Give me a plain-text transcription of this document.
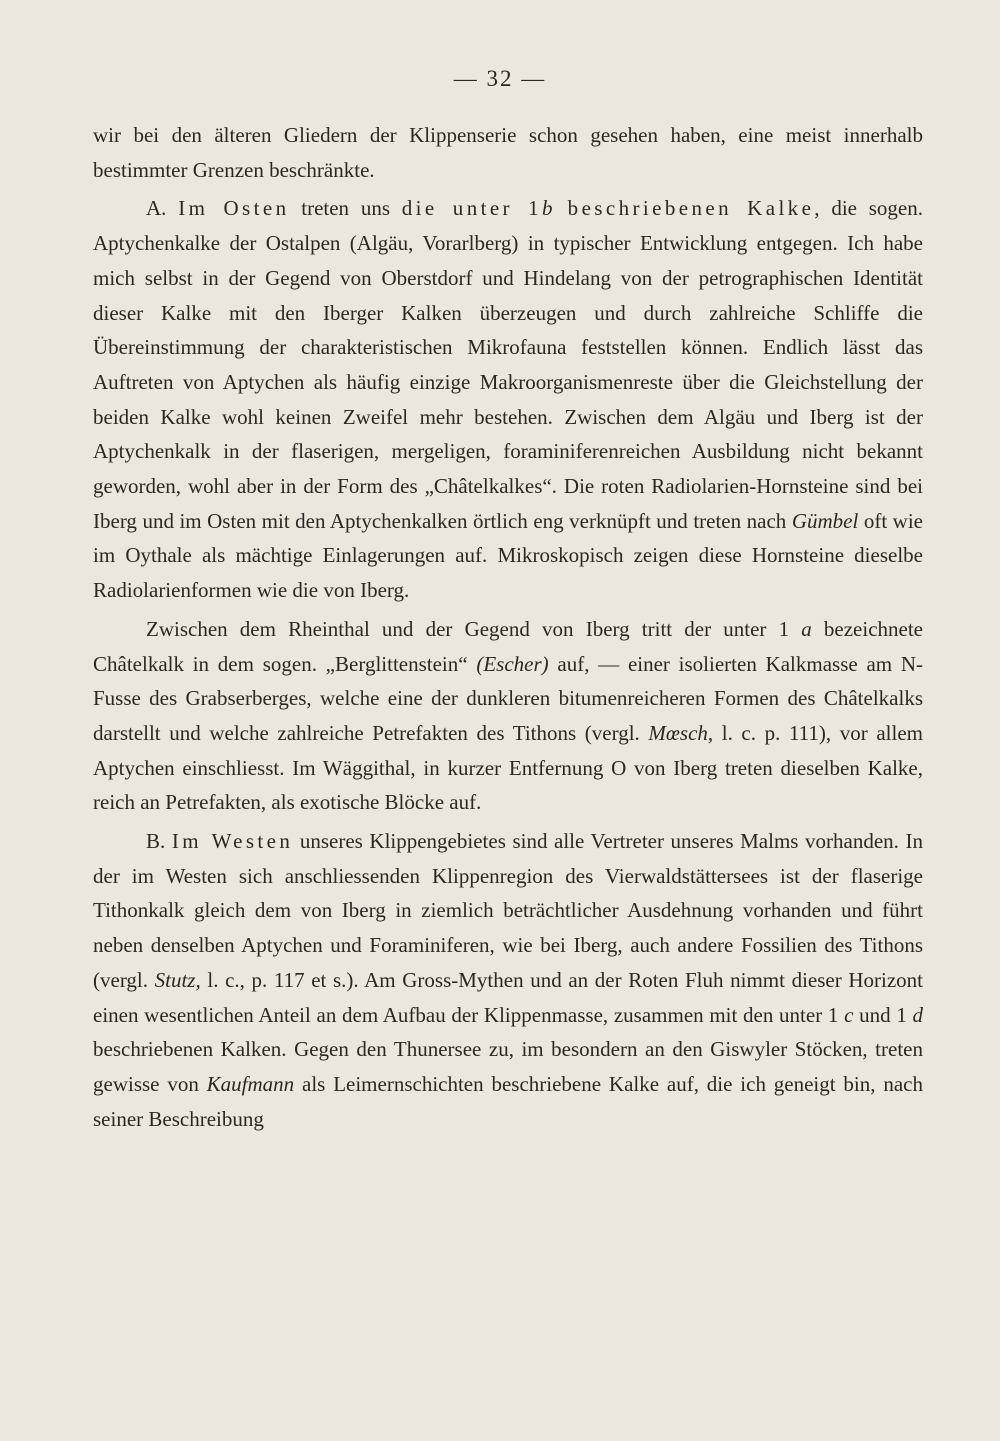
— 32 —

wir bei den älteren Gliedern der Klippenserie schon gesehen haben, eine meist innerhalb bestimmter Grenzen beschränkte.

A. Im Osten treten uns die unter 1b beschriebenen Kalke, die sogen. Aptychenkalke der Ostalpen (Algäu, Vorarlberg) in typischer Entwicklung entgegen. Ich habe mich selbst in der Gegend von Oberstdorf und Hindelang von der petrographischen Identität dieser Kalke mit den Iberger Kalken überzeugen und durch zahlreiche Schliffe die Übereinstimmung der charakteristischen Mikrofauna feststellen können. Endlich lässt das Auftreten von Aptychen als häufig einzige Makroorganismenreste über die Gleichstellung der beiden Kalke wohl keinen Zweifel mehr bestehen. Zwischen dem Algäu und Iberg ist der Aptychenkalk in der flaserigen, mergeligen, foraminiferenreichen Ausbildung nicht bekannt geworden, wohl aber in der Form des „Châtelkalkes“. Die roten Radiolarien-Hornsteine sind bei Iberg und im Osten mit den Aptychenkalken örtlich eng verknüpft und treten nach Gümbel oft wie im Oythale als mächtige Einlagerungen auf. Mikroskopisch zeigen diese Hornsteine dieselbe Radiolarienformen wie die von Iberg.

Zwischen dem Rheinthal und der Gegend von Iberg tritt der unter 1 a bezeichnete Châtelkalk in dem sogen. „Berglittenstein“ (Escher) auf, — einer isolierten Kalkmasse am N-Fusse des Grabserberges, welche eine der dunkleren bitumenreicheren Formen des Châtelkalks darstellt und welche zahlreiche Petrefakten des Tithons (vergl. Mœsch, l. c. p. 111), vor allem Aptychen einschliesst. Im Wäggithal, in kurzer Entfernung O von Iberg treten dieselben Kalke, reich an Petrefakten, als exotische Blöcke auf.

B. Im Westen unseres Klippengebietes sind alle Vertreter unseres Malms vorhanden. In der im Westen sich anschliessenden Klippenregion des Vierwaldstättersees ist der flaserige Tithonkalk gleich dem von Iberg in ziemlich beträchtlicher Ausdehnung vorhanden und führt neben denselben Aptychen und Foraminiferen, wie bei Iberg, auch andere Fossilien des Tithons (vergl. Stutz, l. c., p. 117 et s.). Am Gross-Mythen und an der Roten Fluh nimmt dieser Horizont einen wesentlichen Anteil an dem Aufbau der Klippenmasse, zusammen mit den unter 1 c und 1 d beschriebenen Kalken. Gegen den Thunersee zu, im besondern an den Giswyler Stöcken, treten gewisse von Kaufmann als Leimernschichten beschriebene Kalke auf, die ich geneigt bin, nach seiner Beschreibung
